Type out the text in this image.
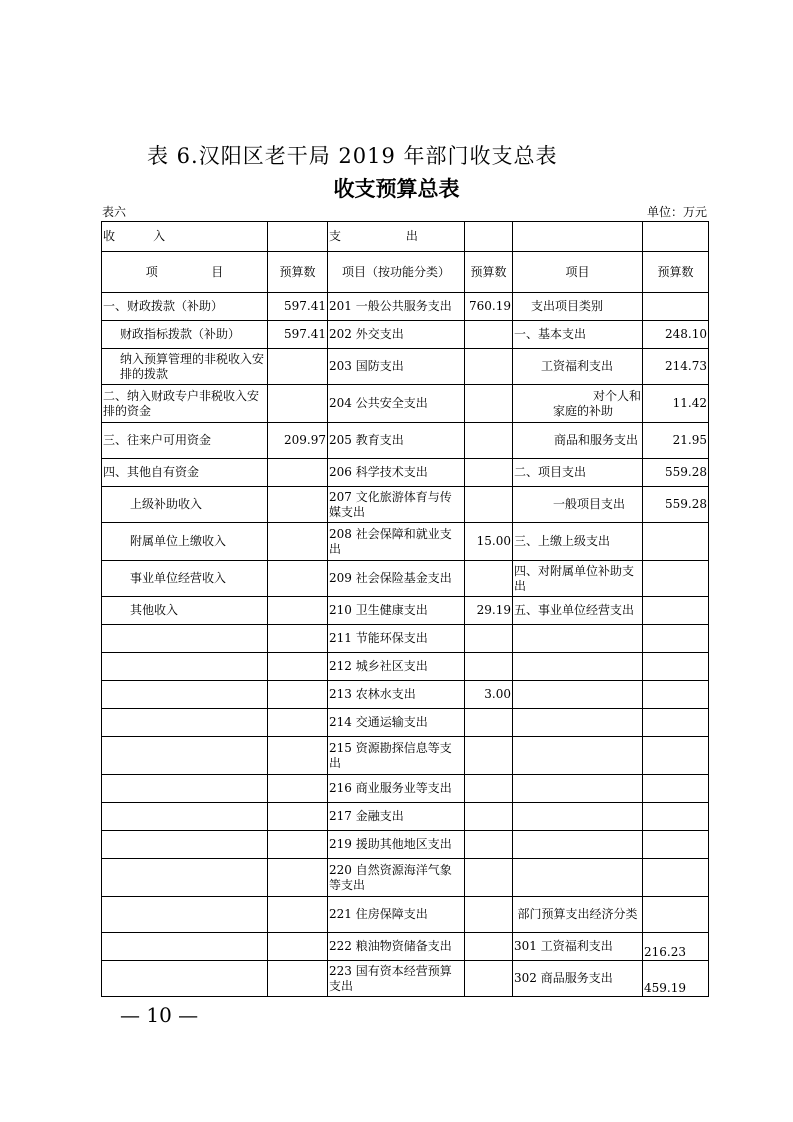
表 6.汉阳区老干局 2019 年部门收支总表
收支预算总表
表六	单位：万元
收          入		支                 出			
项              目	预算数	项目（按功能分类）	预算数	项目	预算数
一、财政拨款（补助）	597.41	201 一般公共服务支出	760.19	支出项目类别	
财政指标拨款（补助）	597.41	202 外交支出		一、基本支出	248.10
纳入预算管理的非税收入安排的拨款		203 国防支出		工资福利支出	214.73
二、纳入财政专户非税收入安排的资金		204 公共安全支出		对个人和家庭的补助	11.42
三、往来户可用资金	209.97	205 教育支出		商品和服务支出	21.95
四、其他自有资金		206 科学技术支出		二、项目支出	559.28
上级补助收入		207 文化旅游体育与传媒支出		一般项目支出	559.28
附属单位上缴收入		208 社会保障和就业支出	15.00	三、上缴上级支出	
事业单位经营收入		209 社会保险基金支出		四、对附属单位补助支出	
其他收入		210 卫生健康支出	29.19	五、事业单位经营支出	
		211 节能环保支出			
		212 城乡社区支出			
		213 农林水支出	3.00		
		214 交通运输支出			
		215 资源勘探信息等支出			
		216 商业服务业等支出			
		217 金融支出			
		219 援助其他地区支出			
		220 自然资源海洋气象等支出			
		221 住房保障支出		部门预算支出经济分类	
		222 粮油物资储备支出		301 工资福利支出	216.23
		223 国有资本经营预算支出		302 商品服务支出	459.19
— 10 —
